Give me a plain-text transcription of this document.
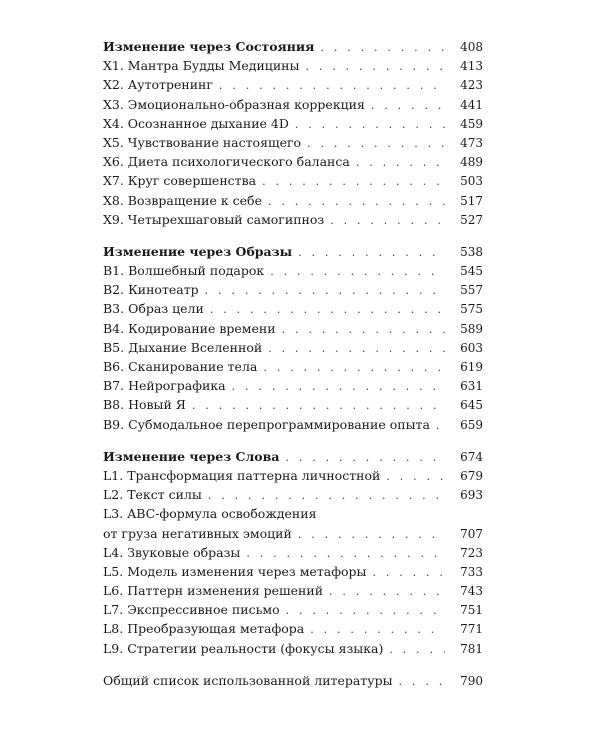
Изменение через Состояния . . .	408
X1. Мантра Будды Медицины . . .	413
X2. Аутотренинг . . .	423
X3. Эмоционально-образная коррекция . . .	441
X4. Осознанное дыхание 4D . . .	459
X5. Чувствование настоящего . . .	473
X6. Диета психологического баланса . . .	489
X7. Круг совершенства . . .	503
X8. Возвращение к себе . . .	517
X9. Четырехшаговый самогипноз . . .	527
Изменение через Образы . . .	538
B1. Волшебный подарок . . .	545
B2. Кинотеатр . . .	557
B3. Образ цели . . .	575
B4. Кодирование времени . . .	589
B5. Дыхание Вселенной . . .	603
B6. Сканирование тела . . .	619
B7. Нейрографика . . .	631
B8. Новый Я . . .	645
B9. Субмодальное перепрограммирование опыта . . .	659
Изменение через Слова . . .	674
L1. Трансформация паттерна личностной . . .	679
L2. Текст силы . . .	693
L3. ABC-формула освобождения
от груза негативных эмоций . . .	707
L4. Звуковые образы . . .	723
L5. Модель изменения через метафоры . . .	733
L6. Паттерн изменения решений . . .	743
L7. Экспрессивное письмо . . .	751
L8. Преобразующая метафора . . .	771
L9. Стратегии реальности (фокусы языка) . . .	781
Общий список использованной литературы . . .	790
